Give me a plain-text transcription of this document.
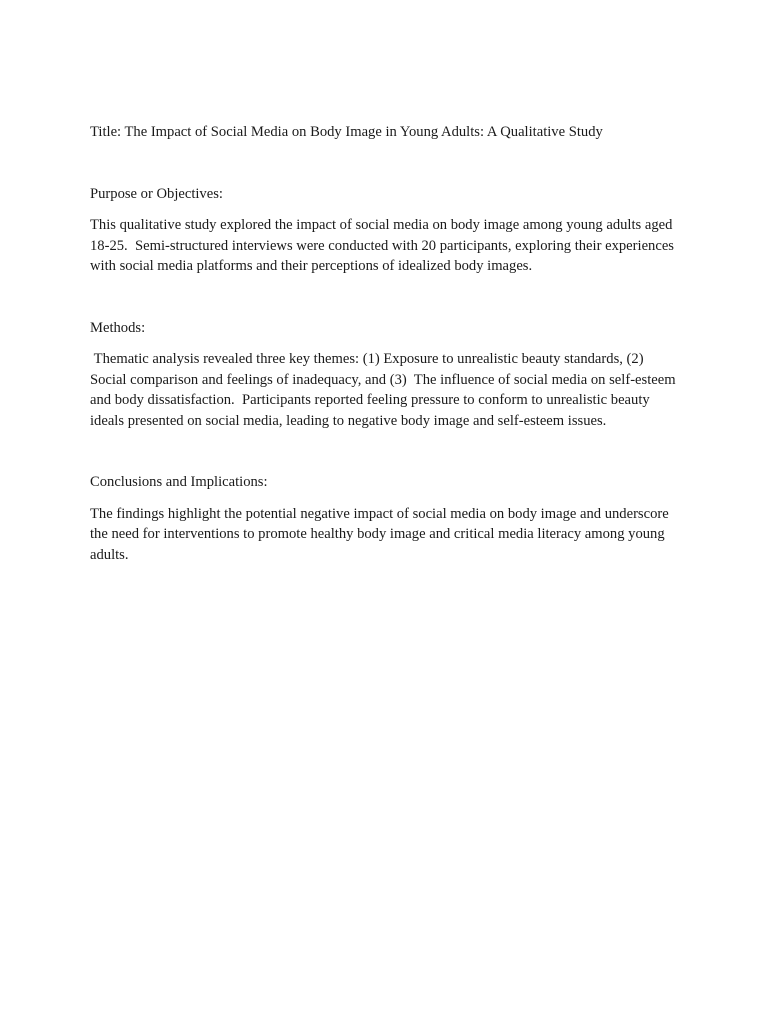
Title: The Impact of Social Media on Body Image in Young Adults: A Qualitative Study

Purpose or Objectives:

This qualitative study explored the impact of social media on body image among young adults aged 18-25.  Semi-structured interviews were conducted with 20 participants, exploring their experiences with social media platforms and their perceptions of idealized body images.

Methods:

Thematic analysis revealed three key themes: (1) Exposure to unrealistic beauty standards, (2) Social comparison and feelings of inadequacy, and (3)  The influence of social media on self-esteem and body dissatisfaction.  Participants reported feeling pressure to conform to unrealistic beauty ideals presented on social media, leading to negative body image and self-esteem issues.

Conclusions and Implications:

The findings highlight the potential negative impact of social media on body image and underscore the need for interventions to promote healthy body image and critical media literacy among young adults.
